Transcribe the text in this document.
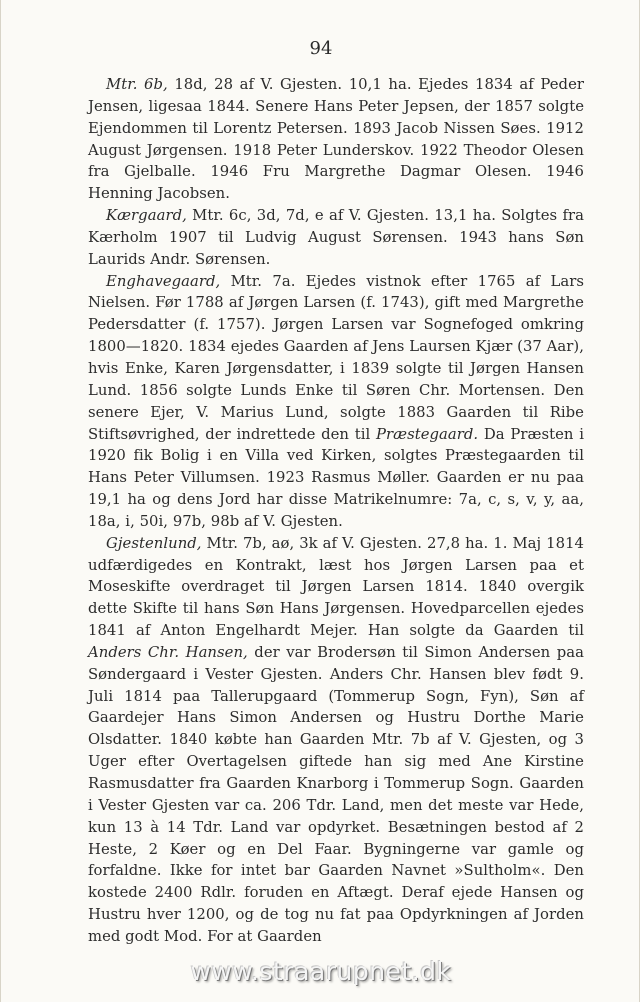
94

Mtr. 6b, 18d, 28 af V. Gjesten. 10,1 ha. Ejedes 1834 af Peder Jensen, ligesaa 1844. Senere Hans Peter Jepsen, der 1857 solgte Ejendommen til Lorentz Petersen. 1893 Jacob Nissen Søes. 1912 August Jørgensen. 1918 Peter Lunderskov. 1922 Theodor Olesen fra Gjelballe. 1946 Fru Margrethe Dagmar Olesen. 1946 Henning Jacobsen.

Kærgaard, Mtr. 6c, 3d, 7d, e af V. Gjesten. 13,1 ha. Solgtes fra Kærholm 1907 til Ludvig August Sørensen. 1943 hans Søn Laurids Andr. Sørensen.

Enghavegaard, Mtr. 7a. Ejedes vistnok efter 1765 af Lars Nielsen. Før 1788 af Jørgen Larsen (f. 1743), gift med Margrethe Pedersdatter (f. 1757). Jørgen Larsen var Sognefoged omkring 1800—1820. 1834 ejedes Gaarden af Jens Laursen Kjær (37 Aar), hvis Enke, Karen Jørgensdatter, i 1839 solgte til Jørgen Hansen Lund. 1856 solgte Lunds Enke til Søren Chr. Mortensen. Den senere Ejer, V. Marius Lund, solgte 1883 Gaarden til Ribe Stiftsøvrighed, der indrettede den til Præstegaard. Da Præsten i 1920 fik Bolig i en Villa ved Kirken, solgtes Præstegaarden til Hans Peter Villumsen. 1923 Rasmus Møller. Gaarden er nu paa 19,1 ha og dens Jord har disse Matrikelnumre: 7a, c, s, v, y, aa, 18a, i, 50i, 97b, 98b af V. Gjesten.

Gjestenlund, Mtr. 7b, aø, 3k af V. Gjesten. 27,8 ha. 1. Maj 1814 udfærdigedes en Kontrakt, læst hos Jørgen Larsen paa et Moseskifte overdraget til Jørgen Larsen 1814. 1840 overgik dette Skifte til hans Søn Hans Jørgensen. Hovedparcellen ejedes 1841 af Anton Engelhardt Mejer. Han solgte da Gaarden til Anders Chr. Hansen, der var Brodersøn til Simon Andersen paa Søndergaard i Vester Gjesten. Anders Chr. Hansen blev født 9. Juli 1814 paa Tallerupgaard (Tommerup Sogn, Fyn), Søn af Gaardejer Hans Simon Andersen og Hustru Dorthe Marie Olsdatter. 1840 købte han Gaarden Mtr. 7b af V. Gjesten, og 3 Uger efter Overtagelsen giftede han sig med Ane Kirstine Rasmusdatter fra Gaarden Knarborg i Tommerup Sogn. Gaarden i Vester Gjesten var ca. 206 Tdr. Land, men det meste var Hede, kun 13 à 14 Tdr. Land var opdyrket. Besætningen bestod af 2 Heste, 2 Køer og en Del Faar. Bygningerne var gamle og forfaldne. Ikke for intet bar Gaarden Navnet »Sultholm«. Den kostede 2400 Rdlr. foruden en Aftægt. Deraf ejede Hansen og Hustru hver 1200, og de tog nu fat paa Opdyrkningen af Jorden med godt Mod. For at Gaarden

www.straarupnet.dk
